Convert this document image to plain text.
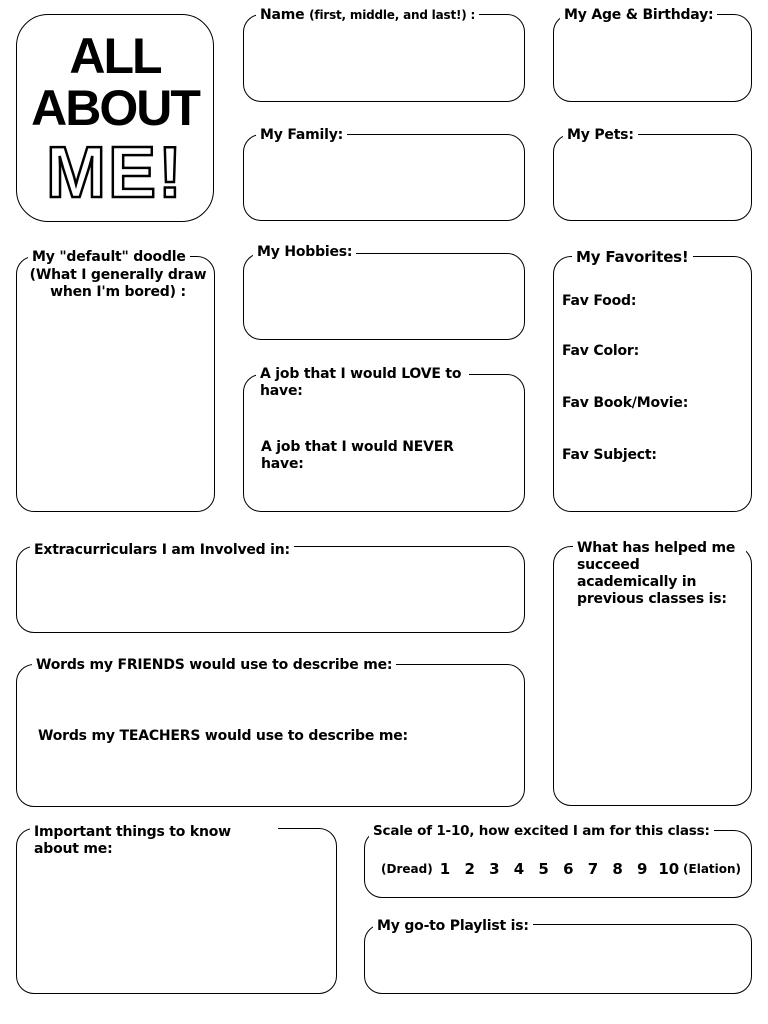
ALL
ABOUT
ME!
Name (first, middle, and last!) :	My Age & Birthday:
My Family:	My Pets:
My "default" doodle
(What I generally draw when I'm bored) :
My Hobbies:	My Favorites!
Fav Food:
Fav Color:
Fav Book/Movie:
Fav Subject:
A job that I would LOVE to have:
A job that I would NEVER have:
Extracurriculars I am Involved in:	What has helped me succeed academically in previous classes is:
Words my FRIENDS would use to describe me:
Words my TEACHERS would use to describe me:
Important things to know about me:
(Dread) 1 2 3 4 5 6 7 8 9 10 (Elation)
Scale of 1-10, how excited I am for this class:
My go-to Playlist is:
